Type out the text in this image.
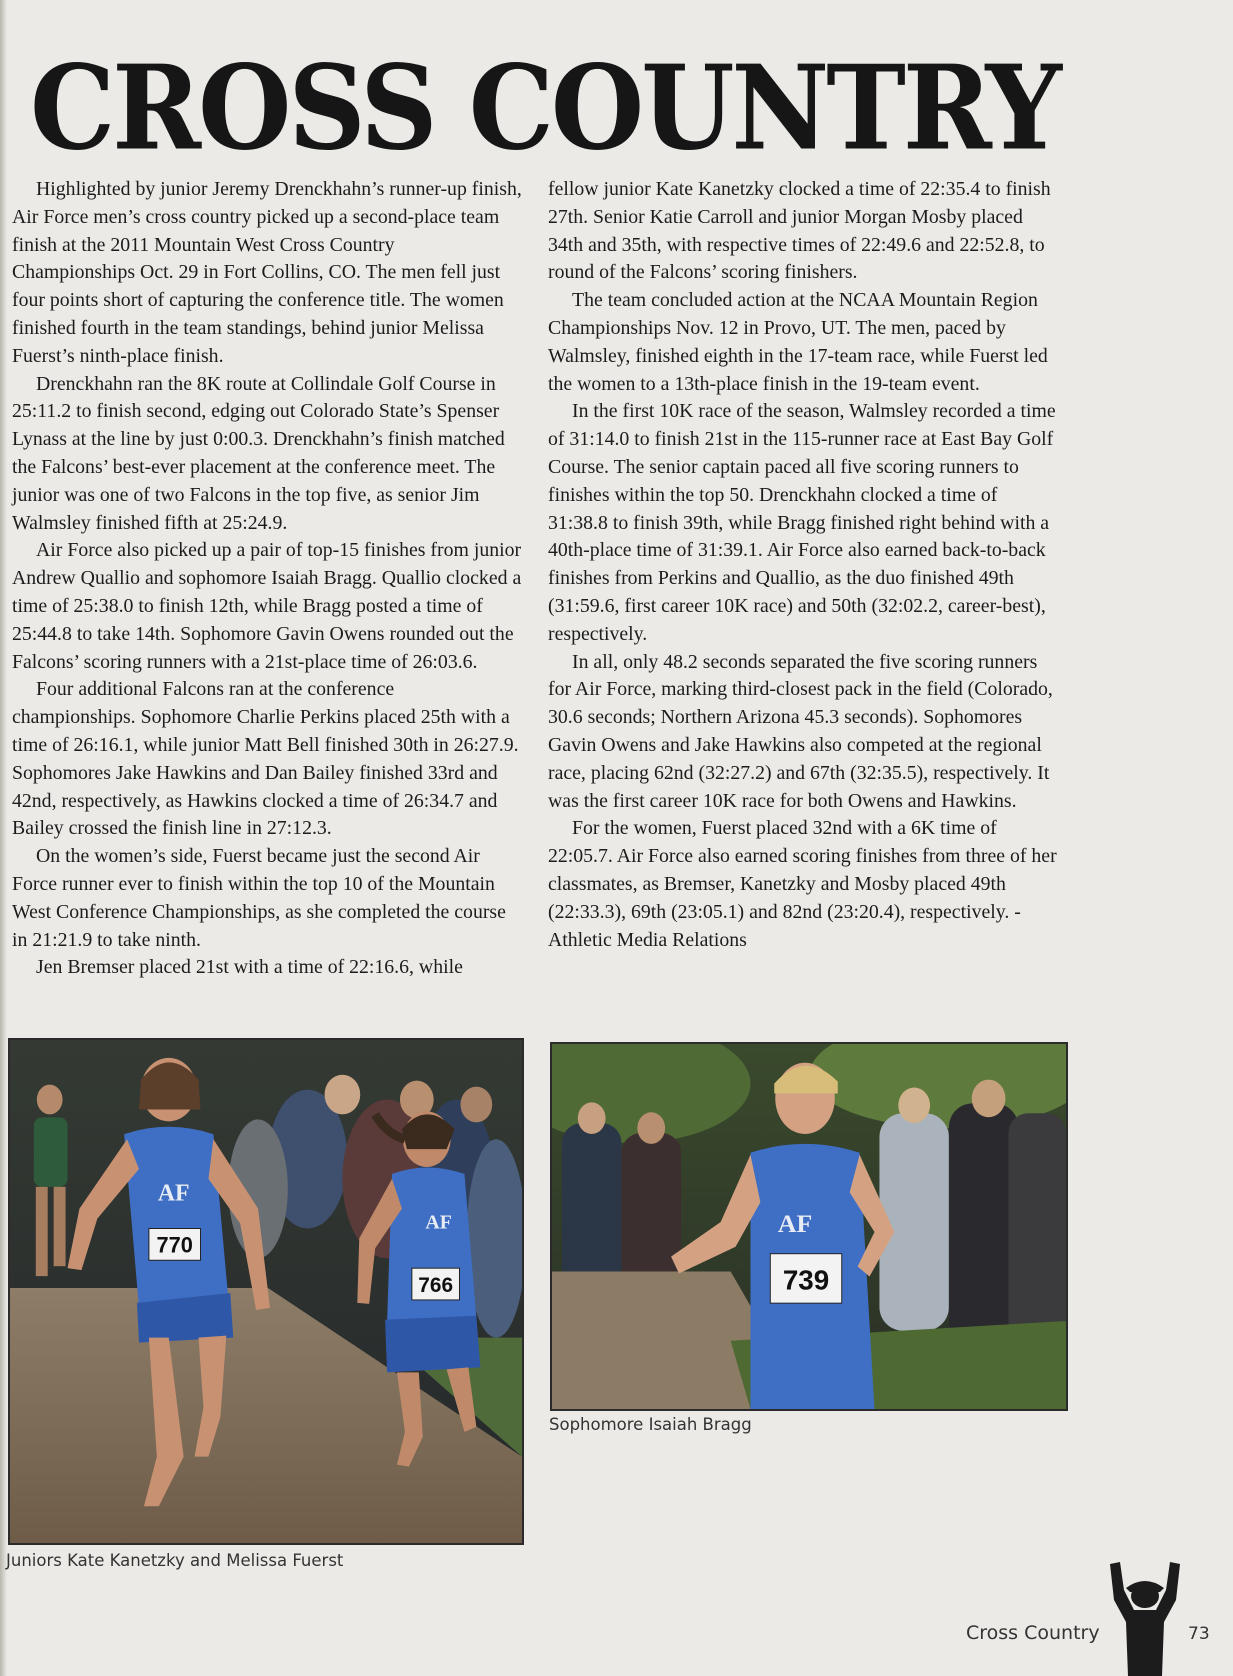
CROSS COUNTRY

Highlighted by junior Jeremy Drenckhahn’s runner-up finish, Air Force men’s cross country picked up a second-place team finish at the 2011 Mountain West Cross Country Championships Oct. 29 in Fort Collins, CO. The men fell just four points short of capturing the conference title. The women finished fourth in the team standings, behind junior Melissa Fuerst’s ninth-place finish.

Drenckhahn ran the 8K route at Collindale Golf Course in 25:11.2 to finish second, edging out Colorado State’s Spenser Lynass at the line by just 0:00.3. Drenckhahn’s finish matched the Falcons’ best-ever placement at the conference meet. The junior was one of two Falcons in the top five, as senior Jim Walmsley finished fifth at 25:24.9.

Air Force also picked up a pair of top-15 finishes from junior Andrew Quallio and sophomore Isaiah Bragg. Quallio clocked a time of 25:38.0 to finish 12th, while Bragg posted a time of 25:44.8 to take 14th. Sophomore Gavin Owens rounded out the Falcons’ scoring runners with a 21st-place time of 26:03.6.

Four additional Falcons ran at the conference championships. Sophomore Charlie Perkins placed 25th with a time of 26:16.1, while junior Matt Bell finished 30th in 26:27.9. Sophomores Jake Hawkins and Dan Bailey finished 33rd and 42nd, respectively, as Hawkins clocked a time of 26:34.7 and Bailey crossed the finish line in 27:12.3.

On the women’s side, Fuerst became just the second Air Force runner ever to finish within the top 10 of the Mountain West Conference Championships, as she completed the course in 21:21.9 to take ninth.

Jen Bremser placed 21st with a time of 22:16.6, while

fellow junior Kate Kanetzky clocked a time of 22:35.4 to finish 27th. Senior Katie Carroll and junior Morgan Mosby placed 34th and 35th, with respective times of 22:49.6 and 22:52.8, to round of the Falcons’ scoring finishers.

The team concluded action at the NCAA Mountain Region Championships Nov. 12 in Provo, UT. The men, paced by Walmsley, finished eighth in the 17-team race, while Fuerst led the women to a 13th-place finish in the 19-team event.

In the first 10K race of the season, Walmsley recorded a time of 31:14.0 to finish 21st in the 115-runner race at East Bay Golf Course. The senior captain paced all five scoring runners to finishes within the top 50. Drenckhahn clocked a time of 31:38.8 to finish 39th, while Bragg finished right behind with a 40th-place time of 31:39.1. Air Force also earned back-to-back finishes from Perkins and Quallio, as the duo finished 49th (31:59.6, first career 10K race) and 50th (32:02.2, career-best), respectively.

In all, only 48.2 seconds separated the five scoring runners for Air Force, marking third-closest pack in the field (Colorado, 30.6 seconds; Northern Arizona 45.3 seconds). Sophomores Gavin Owens and Jake Hawkins also competed at the regional race, placing 62nd (32:27.2) and 67th (32:35.5), respectively. It was the first career 10K race for both Owens and Hawkins.

For the women, Fuerst placed 32nd with a 6K time of 22:05.7. Air Force also earned scoring finishes from three of her classmates, as Bremser, Kanetzky and Mosby placed 49th (22:33.3), 69th (23:05.1) and 82nd (23:20.4), respectively. - Athletic Media Relations

770
AF
766
AF
Juniors Kate Kanetzky and Melissa Fuerst
739
AF
Sophomore Isaiah Bragg
Cross Country	73
